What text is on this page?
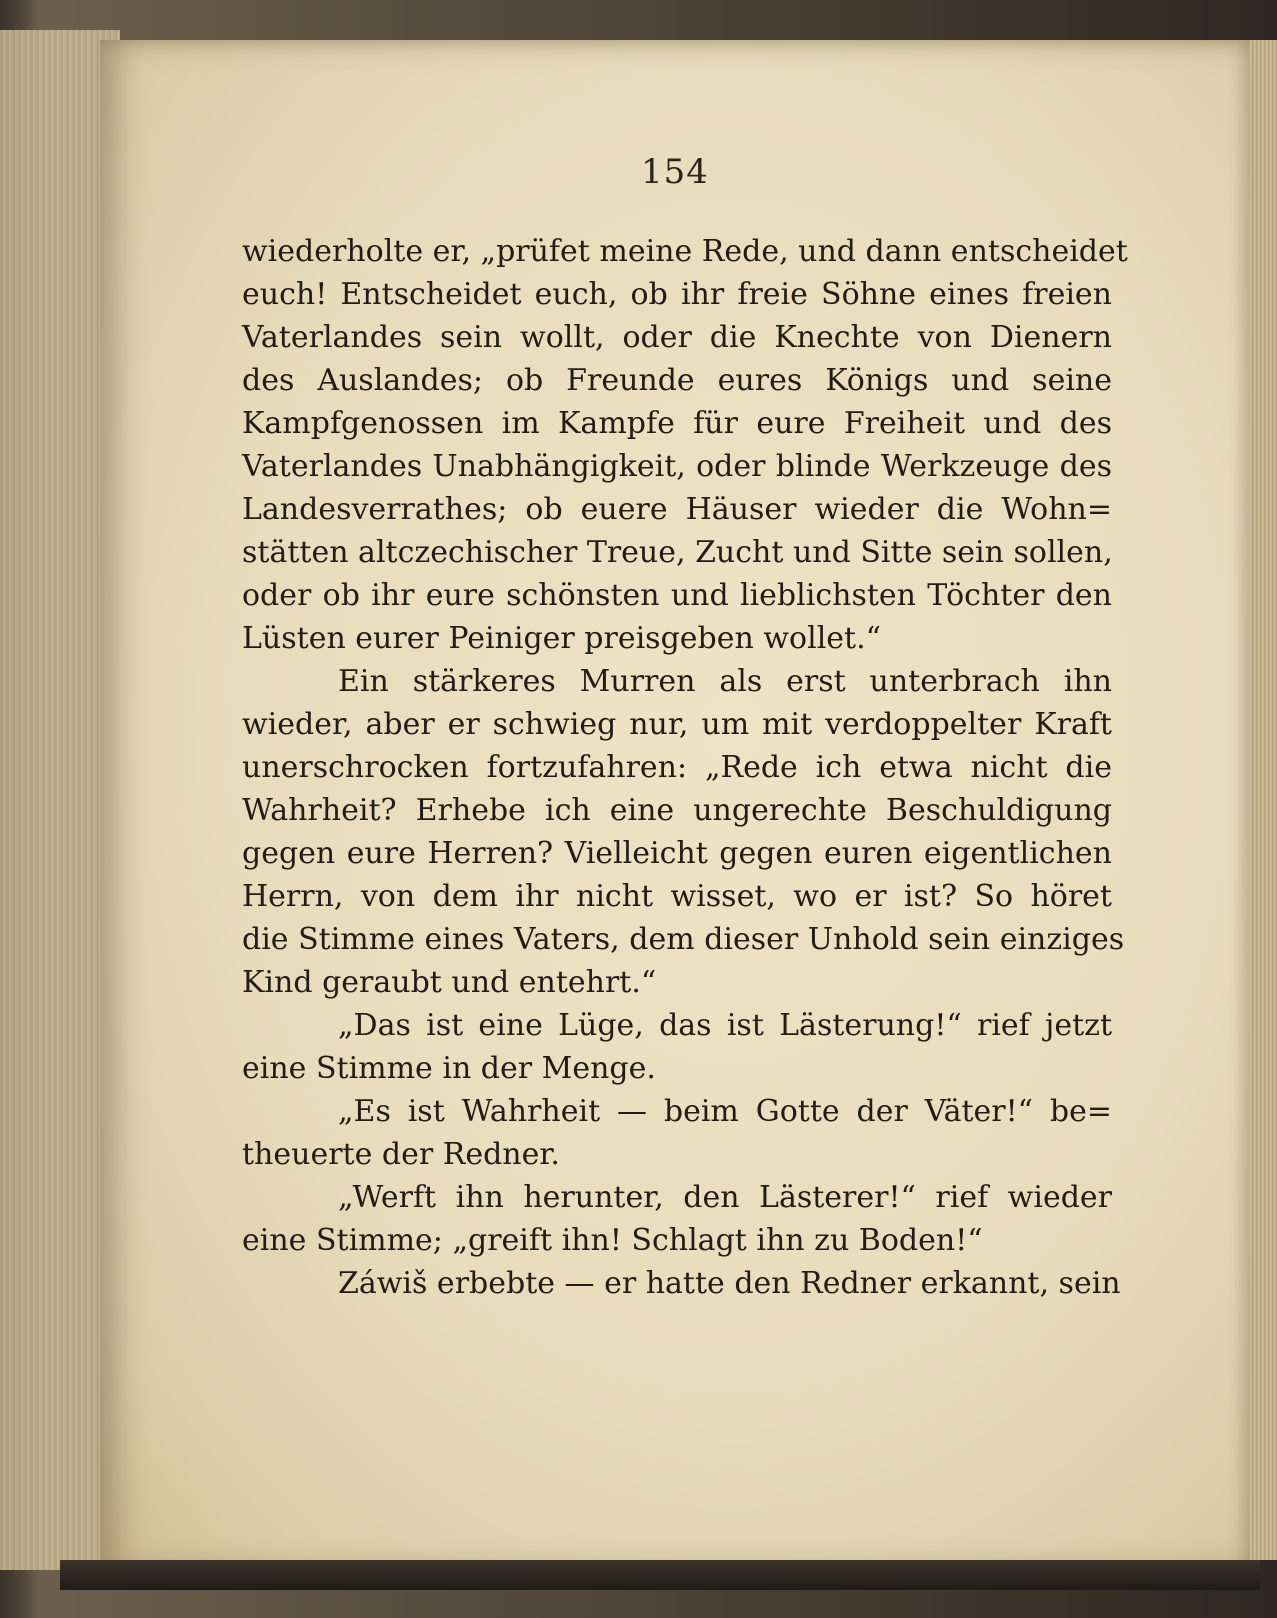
154
wiederholte er, „prüfet meine Rede, und dann entscheidet
euch! Entscheidet euch, ob ihr freie Söhne eines freien
Vaterlandes sein wollt, oder die Knechte von Dienern
des Auslandes; ob Freunde eures Königs und seine
Kampfgenossen im Kampfe für eure Freiheit und des
Vaterlandes Unabhängigkeit, oder blinde Werkzeuge des
Landesverrathes; ob euere Häuser wieder die Wohn=
stätten altczechischer Treue, Zucht und Sitte sein sollen,
oder ob ihr eure schönsten und lieblichsten Töchter den
Lüsten eurer Peiniger preisgeben wollet.“
Ein stärkeres Murren als erst unterbrach ihn
wieder, aber er schwieg nur, um mit verdoppelter Kraft
unerschrocken fortzufahren: „Rede ich etwa nicht die
Wahrheit? Erhebe ich eine ungerechte Beschuldigung
gegen eure Herren? Vielleicht gegen euren eigentlichen
Herrn, von dem ihr nicht wisset, wo er ist? So höret
die Stimme eines Vaters, dem dieser Unhold sein einziges
Kind geraubt und entehrt.“
„Das ist eine Lüge, das ist Lästerung!“ rief jetzt
eine Stimme in der Menge.
„Es ist Wahrheit — beim Gotte der Väter!“ be=
theuerte der Redner.
„Werft ihn herunter, den Lästerer!“ rief wieder
eine Stimme; „greift ihn! Schlagt ihn zu Boden!“
Záwiš erbebte — er hatte den Redner erkannt, sein
